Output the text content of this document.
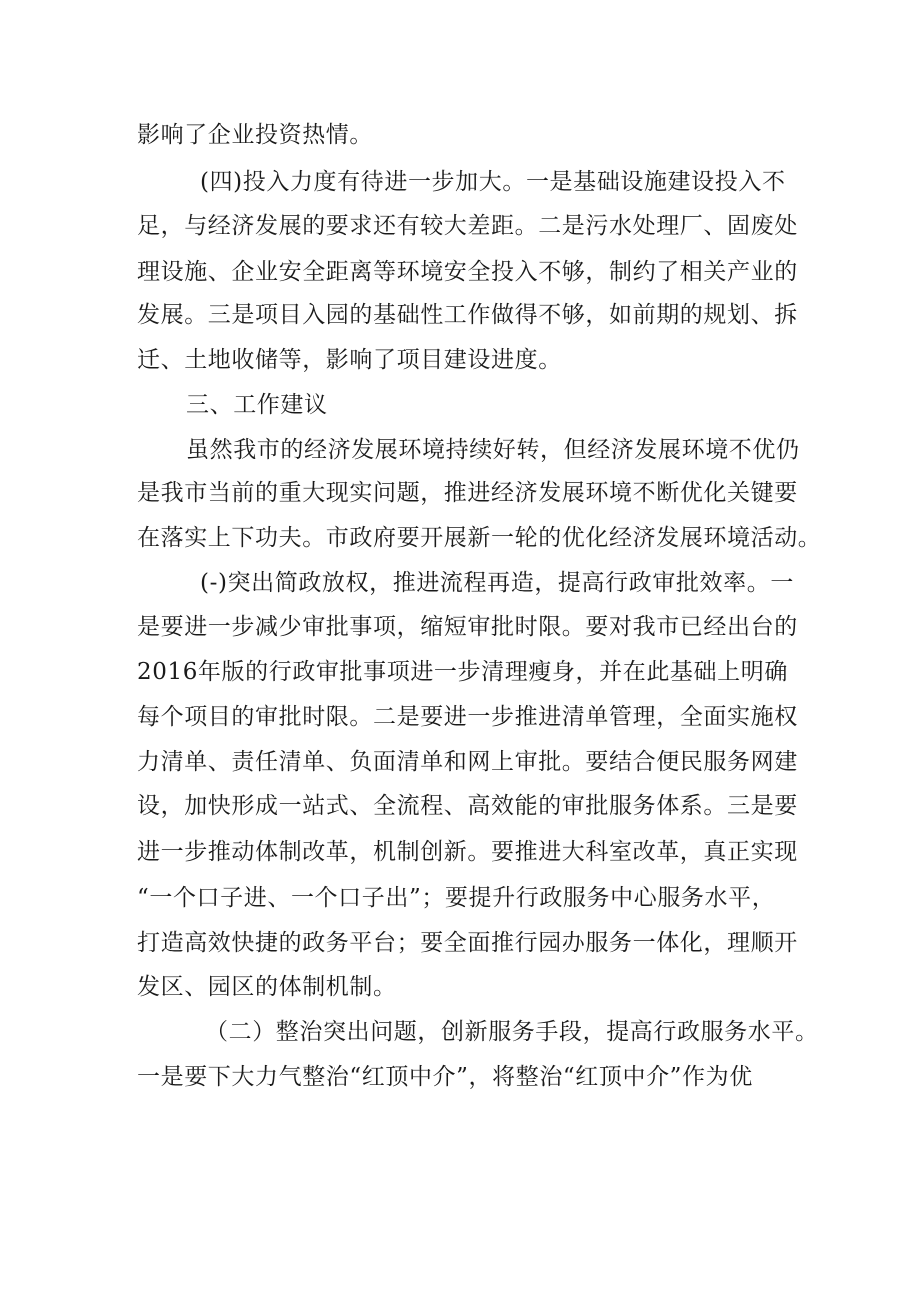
影响了企业投资热情。
(四)投入力度有待进一步加大。一是基础设施建设投入不
足，与经济发展的要求还有较大差距。二是污水处理厂、固废处
理设施、企业安全距离等环境安全投入不够，制约了相关产业的
发展。三是项目入园的基础性工作做得不够，如前期的规划、拆
迁、土地收储等，影响了项目建设进度。
三、工作建议
虽然我市的经济发展环境持续好转，但经济发展环境不优仍
是我市当前的重大现实问题，推进经济发展环境不断优化关键要
在落实上下功夫。市政府要开展新一轮的优化经济发展环境活动。
(-)突出简政放权，推进流程再造，提高行政审批效率。一
是要进一步减少审批事项，缩短审批时限。要对我市已经出台的
2016年版的行政审批事项进一步清理瘦身，并在此基础上明确
每个项目的审批时限。二是要进一步推进清单管理，全面实施权
力清单、责任清单、负面清单和网上审批。要结合便民服务网建
设，加快形成一站式、全流程、高效能的审批服务体系。三是要
进一步推动体制改革，机制创新。要推进大科室改革，真正实现
“一个口子进、一个口子出”；要提升行政服务中心服务水平，
打造高效快捷的政务平台；要全面推行园办服务一体化，理顺开
发区、园区的体制机制。
（二）整治突出问题，创新服务手段，提高行政服务水平。
一是要下大力气整治“红顶中介”，将整治“红顶中介”作为优
